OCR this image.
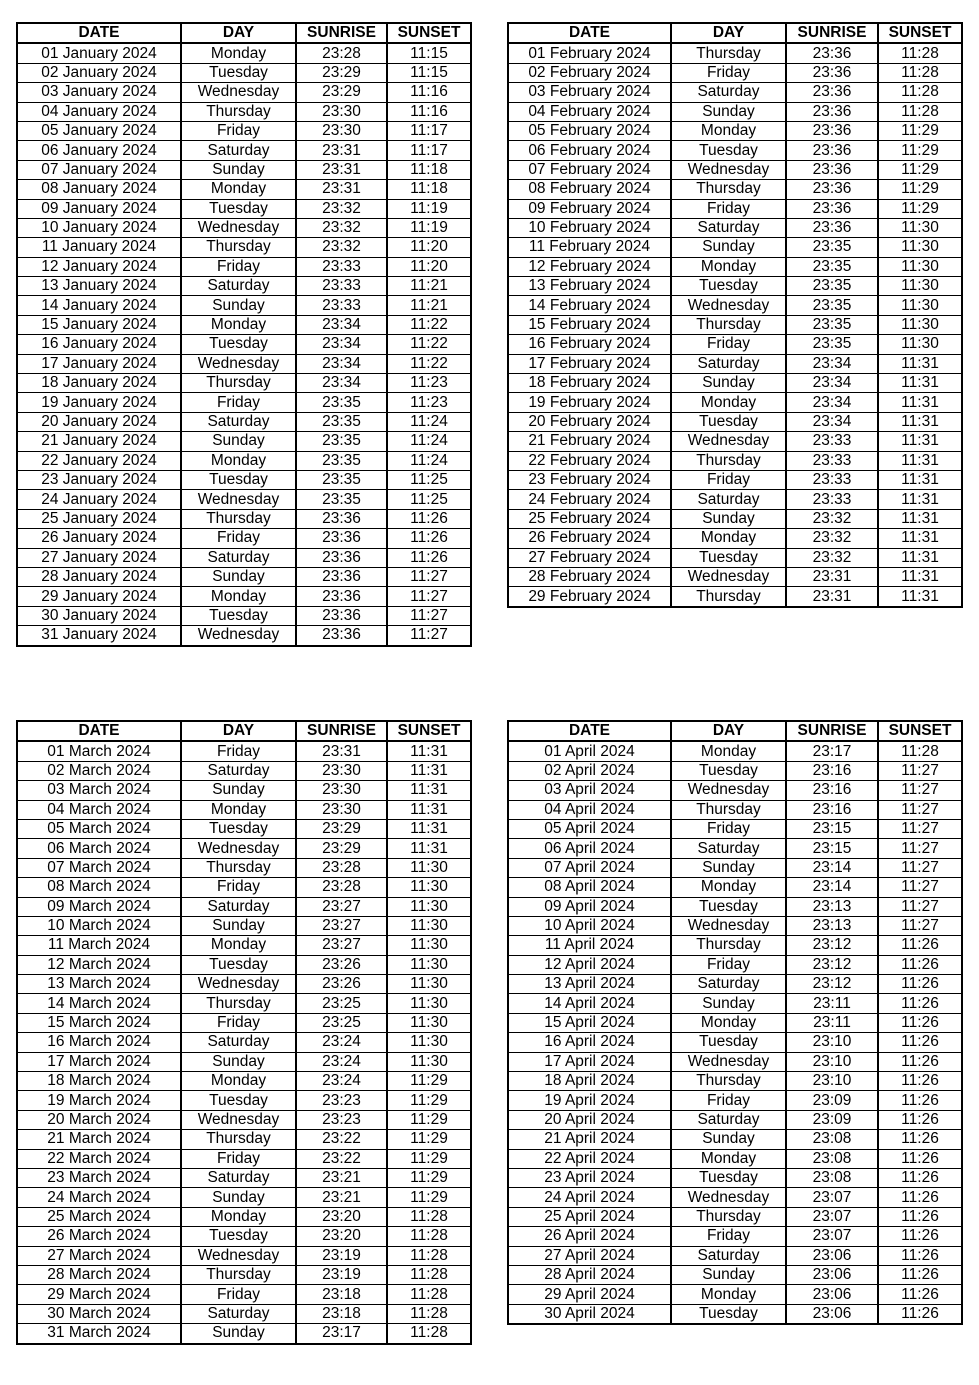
DATE	DAY	SUNRISE	SUNSET
01 January 2024	Monday	23:28	11:15
02 January 2024	Tuesday	23:29	11:15
03 January 2024	Wednesday	23:29	11:16
04 January 2024	Thursday	23:30	11:16
05 January 2024	Friday	23:30	11:17
06 January 2024	Saturday	23:31	11:17
07 January 2024	Sunday	23:31	11:18
08 January 2024	Monday	23:31	11:18
09 January 2024	Tuesday	23:32	11:19
10 January 2024	Wednesday	23:32	11:19
11 January 2024	Thursday	23:32	11:20
12 January 2024	Friday	23:33	11:20
13 January 2024	Saturday	23:33	11:21
14 January 2024	Sunday	23:33	11:21
15 January 2024	Monday	23:34	11:22
16 January 2024	Tuesday	23:34	11:22
17 January 2024	Wednesday	23:34	11:22
18 January 2024	Thursday	23:34	11:23
19 January 2024	Friday	23:35	11:23
20 January 2024	Saturday	23:35	11:24
21 January 2024	Sunday	23:35	11:24
22 January 2024	Monday	23:35	11:24
23 January 2024	Tuesday	23:35	11:25
24 January 2024	Wednesday	23:35	11:25
25 January 2024	Thursday	23:36	11:26
26 January 2024	Friday	23:36	11:26
27 January 2024	Saturday	23:36	11:26
28 January 2024	Sunday	23:36	11:27
29 January 2024	Monday	23:36	11:27
30 January 2024	Tuesday	23:36	11:27
31 January 2024	Wednesday	23:36	11:27
DATE	DAY	SUNRISE	SUNSET
01 February 2024	Thursday	23:36	11:28
02 February 2024	Friday	23:36	11:28
03 February 2024	Saturday	23:36	11:28
04 February 2024	Sunday	23:36	11:28
05 February 2024	Monday	23:36	11:29
06 February 2024	Tuesday	23:36	11:29
07 February 2024	Wednesday	23:36	11:29
08 February 2024	Thursday	23:36	11:29
09 February 2024	Friday	23:36	11:29
10 February 2024	Saturday	23:36	11:30
11 February 2024	Sunday	23:35	11:30
12 February 2024	Monday	23:35	11:30
13 February 2024	Tuesday	23:35	11:30
14 February 2024	Wednesday	23:35	11:30
15 February 2024	Thursday	23:35	11:30
16 February 2024	Friday	23:35	11:30
17 February 2024	Saturday	23:34	11:31
18 February 2024	Sunday	23:34	11:31
19 February 2024	Monday	23:34	11:31
20 February 2024	Tuesday	23:34	11:31
21 February 2024	Wednesday	23:33	11:31
22 February 2024	Thursday	23:33	11:31
23 February 2024	Friday	23:33	11:31
24 February 2024	Saturday	23:33	11:31
25 February 2024	Sunday	23:32	11:31
26 February 2024	Monday	23:32	11:31
27 February 2024	Tuesday	23:32	11:31
28 February 2024	Wednesday	23:31	11:31
29 February 2024	Thursday	23:31	11:31
DATE	DAY	SUNRISE	SUNSET
01 March 2024	Friday	23:31	11:31
02 March 2024	Saturday	23:30	11:31
03 March 2024	Sunday	23:30	11:31
04 March 2024	Monday	23:30	11:31
05 March 2024	Tuesday	23:29	11:31
06 March 2024	Wednesday	23:29	11:31
07 March 2024	Thursday	23:28	11:30
08 March 2024	Friday	23:28	11:30
09 March 2024	Saturday	23:27	11:30
10 March 2024	Sunday	23:27	11:30
11 March 2024	Monday	23:27	11:30
12 March 2024	Tuesday	23:26	11:30
13 March 2024	Wednesday	23:26	11:30
14 March 2024	Thursday	23:25	11:30
15 March 2024	Friday	23:25	11:30
16 March 2024	Saturday	23:24	11:30
17 March 2024	Sunday	23:24	11:30
18 March 2024	Monday	23:24	11:29
19 March 2024	Tuesday	23:23	11:29
20 March 2024	Wednesday	23:23	11:29
21 March 2024	Thursday	23:22	11:29
22 March 2024	Friday	23:22	11:29
23 March 2024	Saturday	23:21	11:29
24 March 2024	Sunday	23:21	11:29
25 March 2024	Monday	23:20	11:28
26 March 2024	Tuesday	23:20	11:28
27 March 2024	Wednesday	23:19	11:28
28 March 2024	Thursday	23:19	11:28
29 March 2024	Friday	23:18	11:28
30 March 2024	Saturday	23:18	11:28
31 March 2024	Sunday	23:17	11:28
DATE	DAY	SUNRISE	SUNSET
01 April 2024	Monday	23:17	11:28
02 April 2024	Tuesday	23:16	11:27
03 April 2024	Wednesday	23:16	11:27
04 April 2024	Thursday	23:16	11:27
05 April 2024	Friday	23:15	11:27
06 April 2024	Saturday	23:15	11:27
07 April 2024	Sunday	23:14	11:27
08 April 2024	Monday	23:14	11:27
09 April 2024	Tuesday	23:13	11:27
10 April 2024	Wednesday	23:13	11:27
11 April 2024	Thursday	23:12	11:26
12 April 2024	Friday	23:12	11:26
13 April 2024	Saturday	23:12	11:26
14 April 2024	Sunday	23:11	11:26
15 April 2024	Monday	23:11	11:26
16 April 2024	Tuesday	23:10	11:26
17 April 2024	Wednesday	23:10	11:26
18 April 2024	Thursday	23:10	11:26
19 April 2024	Friday	23:09	11:26
20 April 2024	Saturday	23:09	11:26
21 April 2024	Sunday	23:08	11:26
22 April 2024	Monday	23:08	11:26
23 April 2024	Tuesday	23:08	11:26
24 April 2024	Wednesday	23:07	11:26
25 April 2024	Thursday	23:07	11:26
26 April 2024	Friday	23:07	11:26
27 April 2024	Saturday	23:06	11:26
28 April 2024	Sunday	23:06	11:26
29 April 2024	Monday	23:06	11:26
30 April 2024	Tuesday	23:06	11:26
